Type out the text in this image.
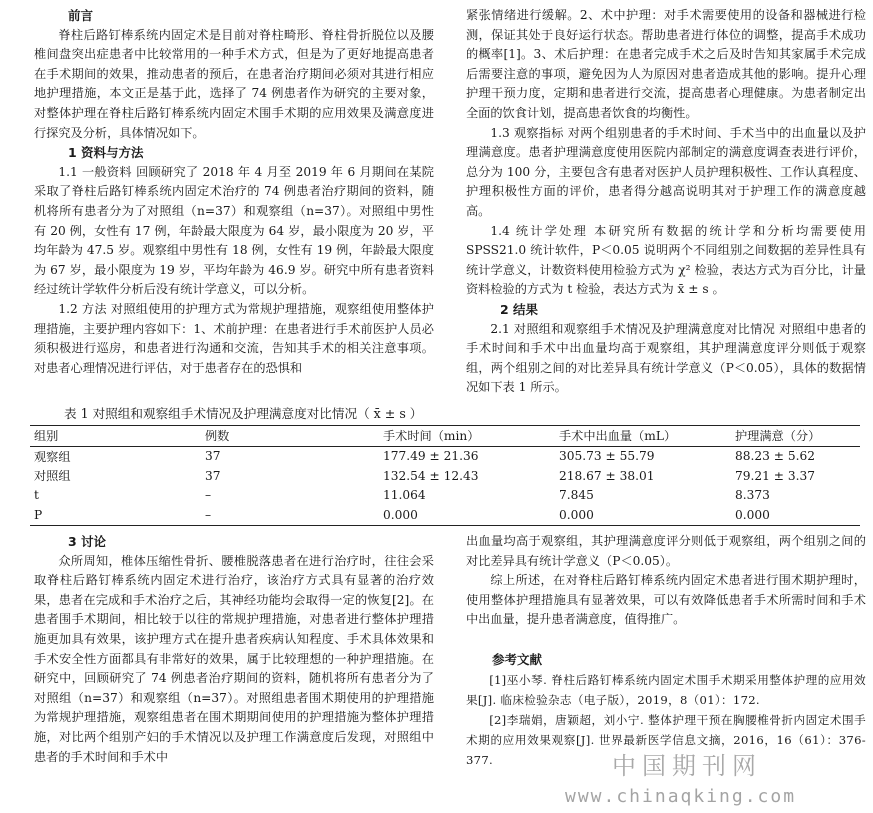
前言

脊柱后路钉棒系统内固定术是目前对脊柱畸形、脊柱骨折脱位以及腰椎间盘突出症患者中比较常用的一种手术方式，但是为了更好地提高患者在手术期间的效果，推动患者的预后，在患者治疗期间必须对其进行相应地护理措施，本文正是基于此，选择了 74 例患者作为研究的主要对象，对整体护理在脊柱后路钉棒系统内固定术围手术期的应用效果及满意度进行探究及分析，具体情况如下。

1 资料与方法

1.1 一般资料 回顾研究了 2018 年 4 月至 2019 年 6 月期间在某院采取了脊柱后路钉棒系统内固定术治疗的 74 例患者治疗期间的资料，随机将所有患者分为了对照组（n=37）和观察组（n=37）。对照组中男性有 20 例，女性有 17 例，年龄最大限度为 64 岁，最小限度为 20 岁，平均年龄为 47.5 岁。观察组中男性有 18 例，女性有 19 例，年龄最大限度为 67 岁，最小限度为 19 岁，平均年龄为 46.9 岁。研究中所有患者资料经过统计学软件分析后没有统计学意义，可以分析。

1.2 方法 对照组使用的护理方式为常规护理措施，观察组使用整体护理措施，主要护理内容如下：1、术前护理：在患者进行手术前医护人员必须积极进行巡房，和患者进行沟通和交流，告知其手术的相关注意事项。对患者心理情况进行评估，对于患者存在的恐惧和

紧张情绪进行缓解。2、术中护理：对手术需要使用的设备和器械进行检测，保证其处于良好运行状态。帮助患者进行体位的调整，提高手术成功的概率[1]。3、术后护理：在患者完成手术之后及时告知其家属手术完成后需要注意的事项，避免因为人为原因对患者造成其他的影响。提升心理护理干预力度，定期和患者进行交流，提高患者心理健康。为患者制定出全面的饮食计划，提高患者饮食的均衡性。

1.3 观察指标 对两个组别患者的手术时间、手术当中的出血量以及护理满意度。患者护理满意度使用医院内部制定的满意度调查表进行评价，总分为 100 分，主要包含有患者对医护人员护理积极性、工作认真程度、护理积极性方面的评价，患者得分越高说明其对于护理工作的满意度越高。

1.4 统计学处理 本研究所有数据的统计学和分析均需要使用 SPSS21.0 统计软件，P＜0.05 说明两个不同组别之间数据的差异性具有统计学意义，计数资料使用检验方式为 χ² 检验，表达方式为百分比，计量资料检验的方式为 t 检验，表达方式为 x̄ ± s 。

2 结果

2.1 对照组和观察组手术情况及护理满意度对比情况 对照组中患者的手术时间和手术中出血量均高于观察组，其护理满意度评分则低于观察组，两个组别之间的对比差异具有统计学意义（P＜0.05），具体的数据情况如下表 1 所示。

表 1 对照组和观察组手术情况及护理满意度对比情况（ x̄ ± s ）
组别	例数	手术时间（min）	手术中出血量（mL）	护理满意（分）
观察组	37	177.49 ± 21.36	305.73 ± 55.79	88.23 ± 5.62
对照组	37	132.54 ± 12.43	218.67 ± 38.01	79.21 ± 3.37
t	–	11.064	7.845	8.373
P	–	0.000	0.000	0.000

3 讨论

众所周知，椎体压缩性骨折、腰椎脱落患者在进行治疗时，往往会采取脊柱后路钉棒系统内固定术进行治疗，该治疗方式具有显著的治疗效果，患者在完成和手术治疗之后，其神经功能均会取得一定的恢复[2]。在患者围手术期间，相比较于以往的常规护理措施，对患者进行整体护理措施更加具有效果，该护理方式在提升患者疾病认知程度、手术具体效果和手术安全性方面都具有非常好的效果，属于比较理想的一种护理措施。在研究中，回顾研究了 74 例患者治疗期间的资料，随机将所有患者分为了对照组（n=37）和观察组（n=37）。对照组患者围术期使用的护理措施为常规护理措施，观察组患者在围术期期间使用的护理措施为整体护理措施，对比两个组别产妇的手术情况以及护理工作满意度后发现，对照组中患者的手术时间和手术中

出血量均高于观察组，其护理满意度评分则低于观察组，两个组别之间的对比差异具有统计学意义（P＜0.05）。

综上所述，在对脊柱后路钉棒系统内固定术患者进行围术期护理时，使用整体护理措施具有显著效果，可以有效降低患者手术所需时间和手术中出血量，提升患者满意度，值得推广。

参考文献

[1]巫小琴. 脊柱后路钉棒系统内固定术围手术期采用整体护理的应用效果[J]. 临床检验杂志（电子版），2019，8（01）：172.

[2]李瑞娟，唐颖超，刘小宁. 整体护理干预在胸腰椎骨折内固定术围手术期的应用效果观察[J]. 世界最新医学信息文摘，2016，16（61）：376-377.	中国期刊网
www.chinaqking.com
